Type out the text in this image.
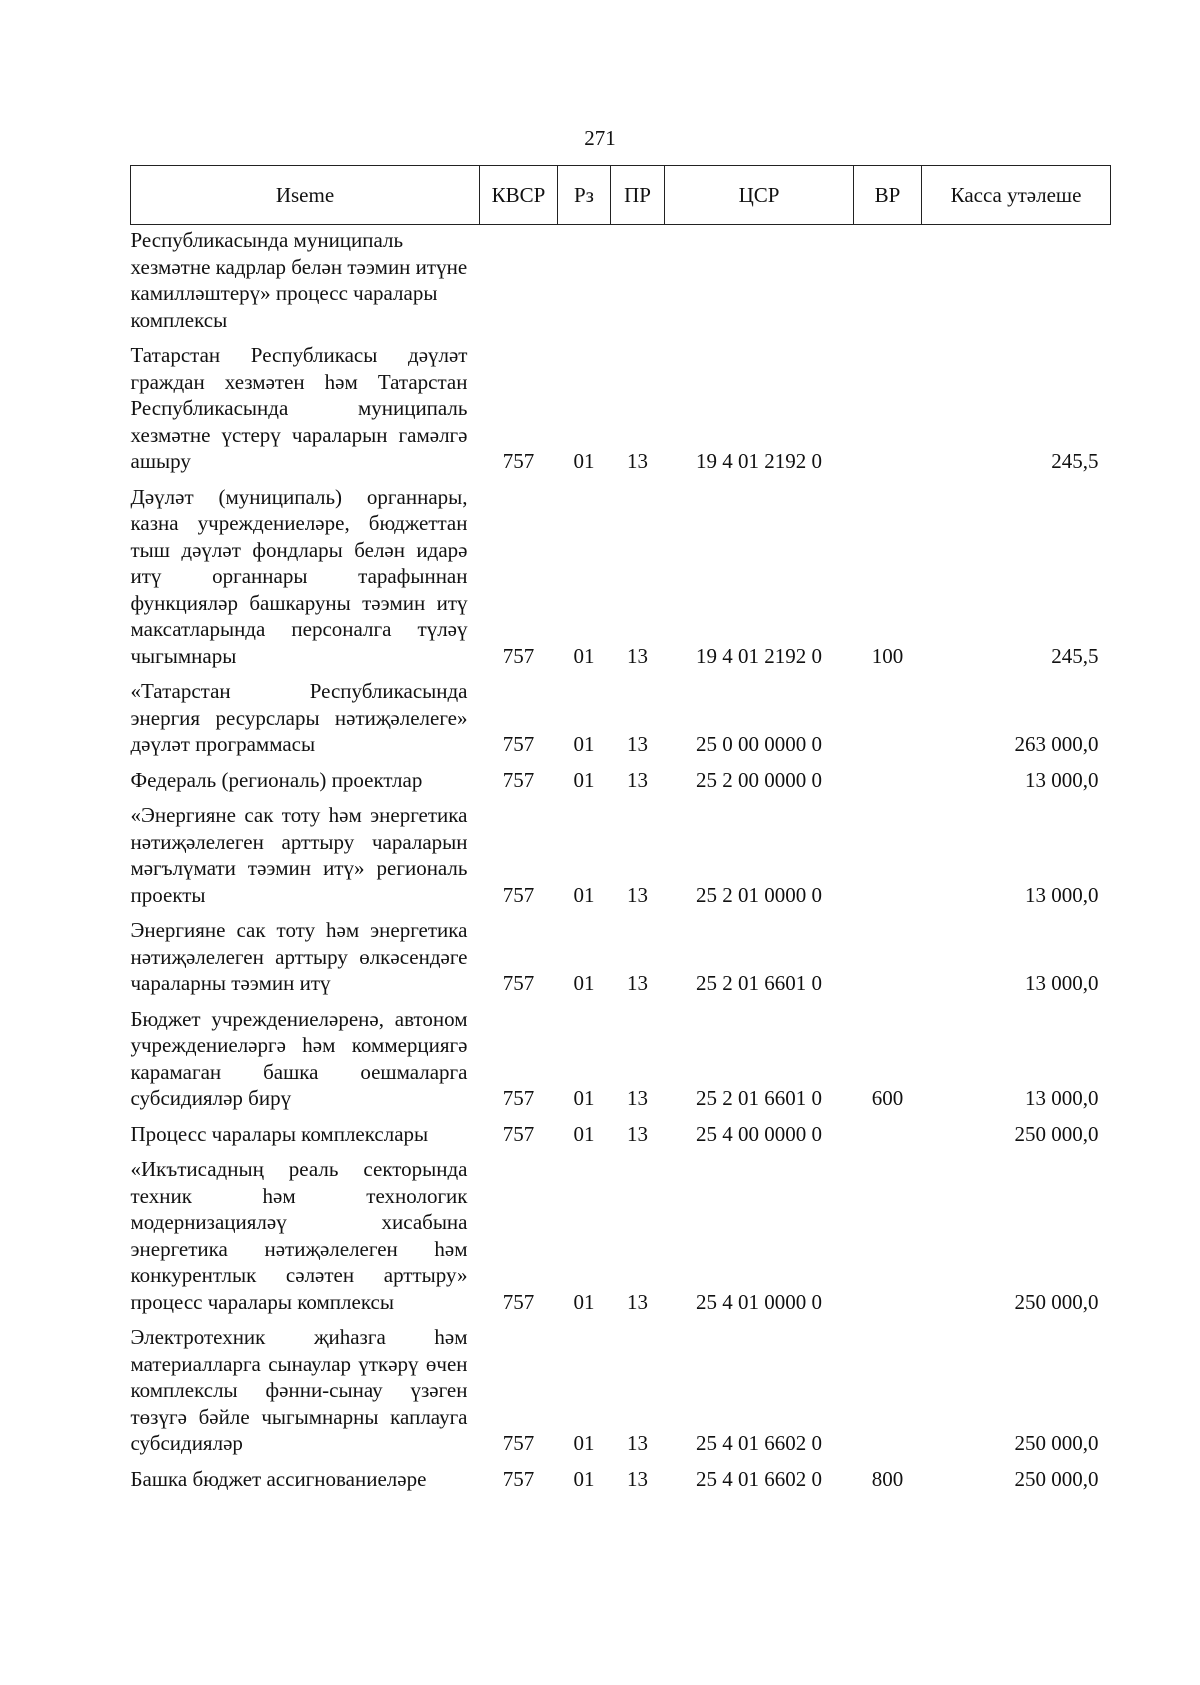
271
Иseme	КВСР	Рз	ПР	ЦСР	ВР	Касса утәлеше
Республикасында муниципаль хезмәтне кадрлар белән тәэмин итүне камилләштерү» процесс чаралары комплексы						
Татарстан Республикасы дәүләт граждан хезмәтен һәм Татарстан Республикасында муниципаль хезмәтне үстерү чараларын гамәлгә ашыру	757	01	13	19 4 01 2192 0		245,5
Дәүләт (муниципаль) органнары, казна учреждениеләре, бюджеттан тыш дәүләт фондлары белән идарә итү органнары тарафыннан функцияләр башкаруны тәэмин итү максатларында персоналга түләү чыгымнары	757	01	13	19 4 01 2192 0	100	245,5
«Татарстан Республикасында энергия ресурслары нәтиҗәлелеге» дәүләт программасы	757	01	13	25 0 00 0000 0		263 000,0
Федераль (региональ) проектлар	757	01	13	25 2 00 0000 0		13 000,0
«Энергияне сак тоту һәм энергетика нәтиҗәлелеген арттыру чараларын мәгълүмати тәэмин итү» региональ проекты	757	01	13	25 2 01 0000 0		13 000,0
Энергияне сак тоту һәм энергетика нәтиҗәлелеген арттыру өлкәсендәге чараларны тәэмин итү	757	01	13	25 2 01 6601 0		13 000,0
Бюджет учреждениеләренә, автоном учреждениеләргә һәм коммерциягә карамаган башка оешмаларга субсидияләр бирү	757	01	13	25 2 01 6601 0	600	13 000,0
Процесс чаралары комплекслары	757	01	13	25 4 00 0000 0		250 000,0
«Икътисадның реаль секторында техник һәм технологик модернизацияләү хисабына энергетика нәтиҗәлелеген һәм конкурентлык сәләтен арттыру» процесс чаралары комплексы	757	01	13	25 4 01 0000 0		250 000,0
Электротехник җиһазга һәм материалларга сынаулар үткәрү өчен комплекслы фәнни-сынау үзәген төзүгә бәйле чыгымнарны каплауга субсидияләр	757	01	13	25 4 01 6602 0		250 000,0
Башка бюджет ассигнованиеләре	757	01	13	25 4 01 6602 0	800	250 000,0
